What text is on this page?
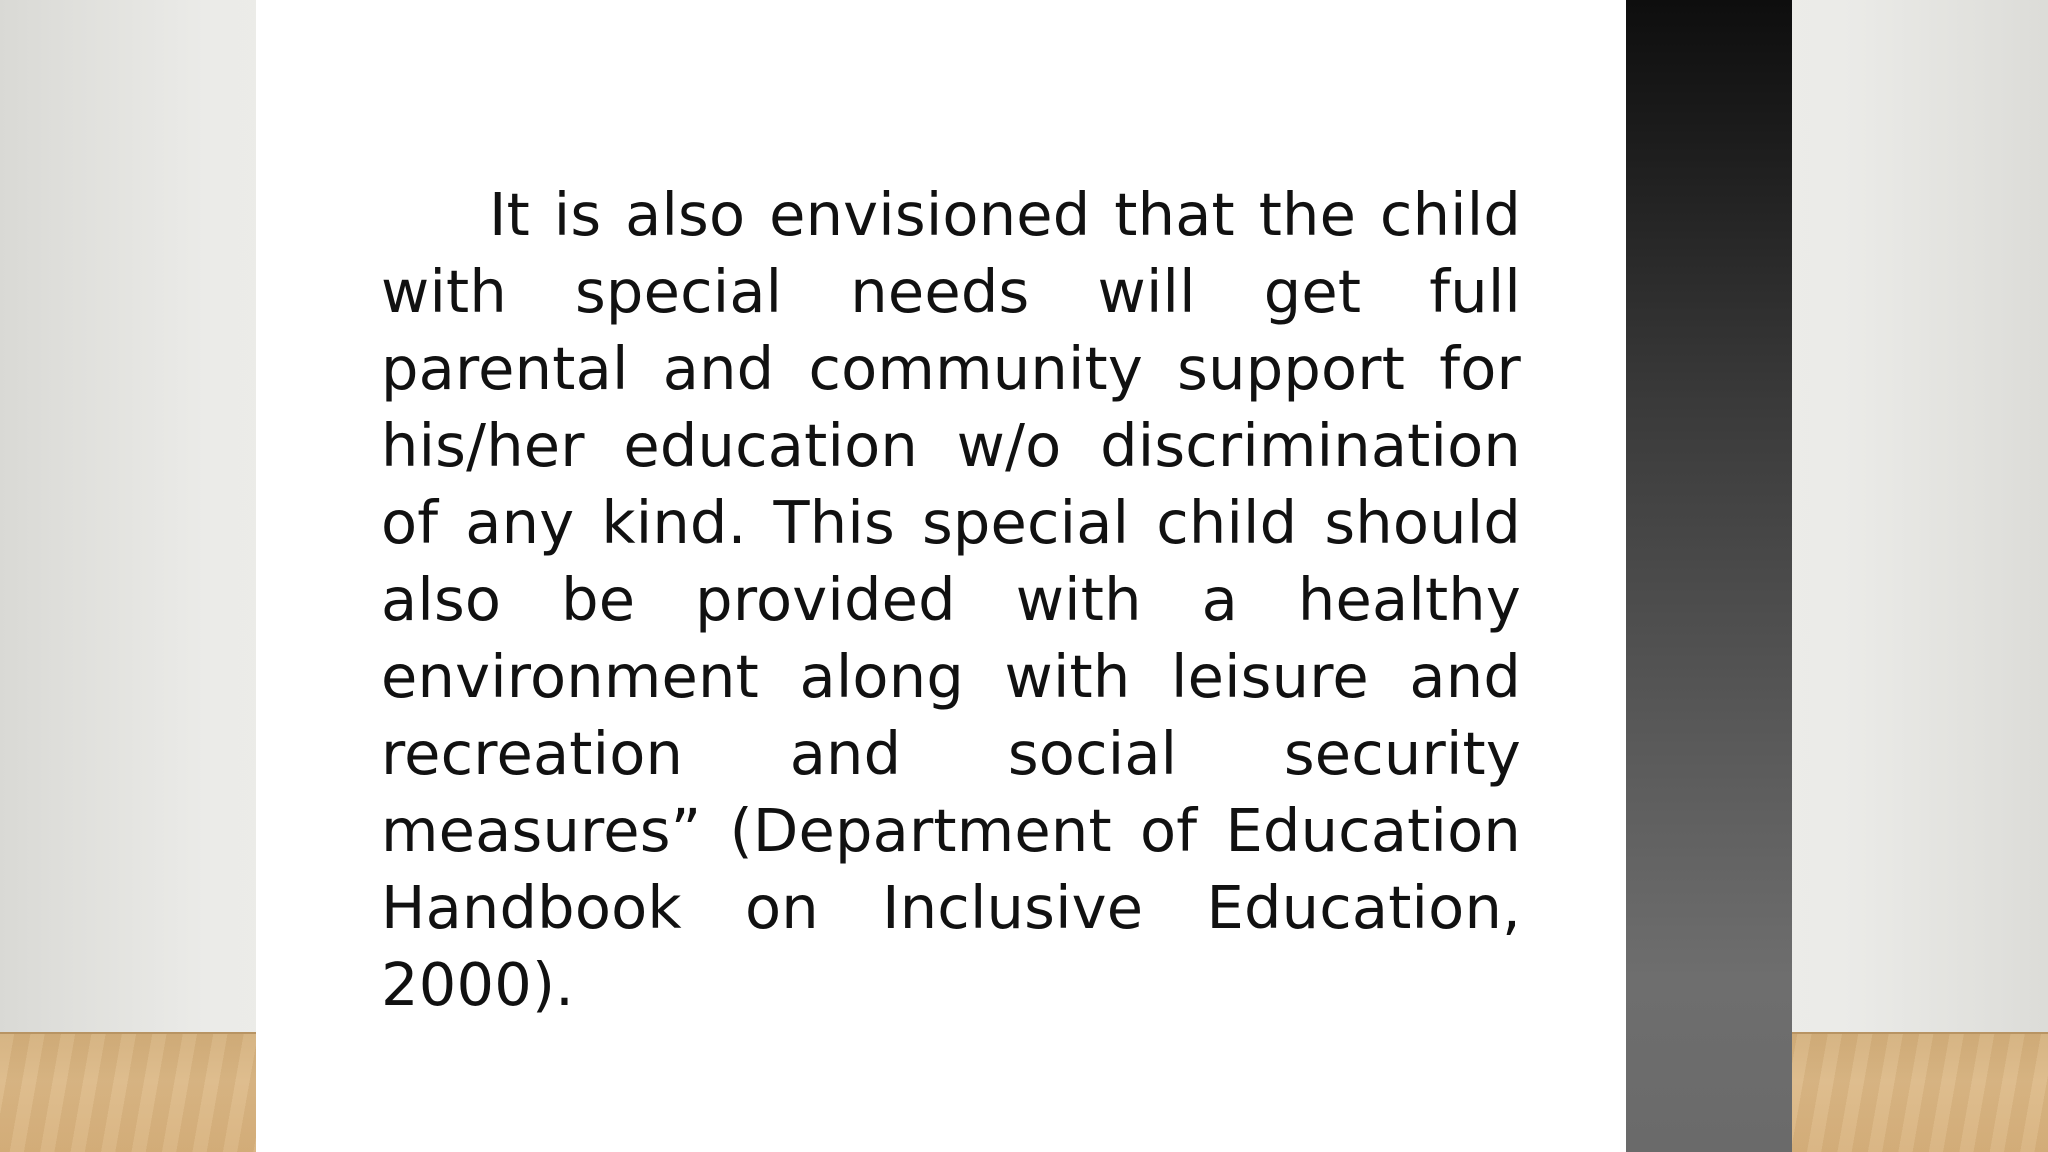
It is also envisioned that the child with special needs will get full parental and community support for his/her education w/o discrimination of any kind. This special child should also be provided with a healthy environment along with leisure and recreation and social security measures” (Department of Education Handbook on Inclusive Education, 2000).
